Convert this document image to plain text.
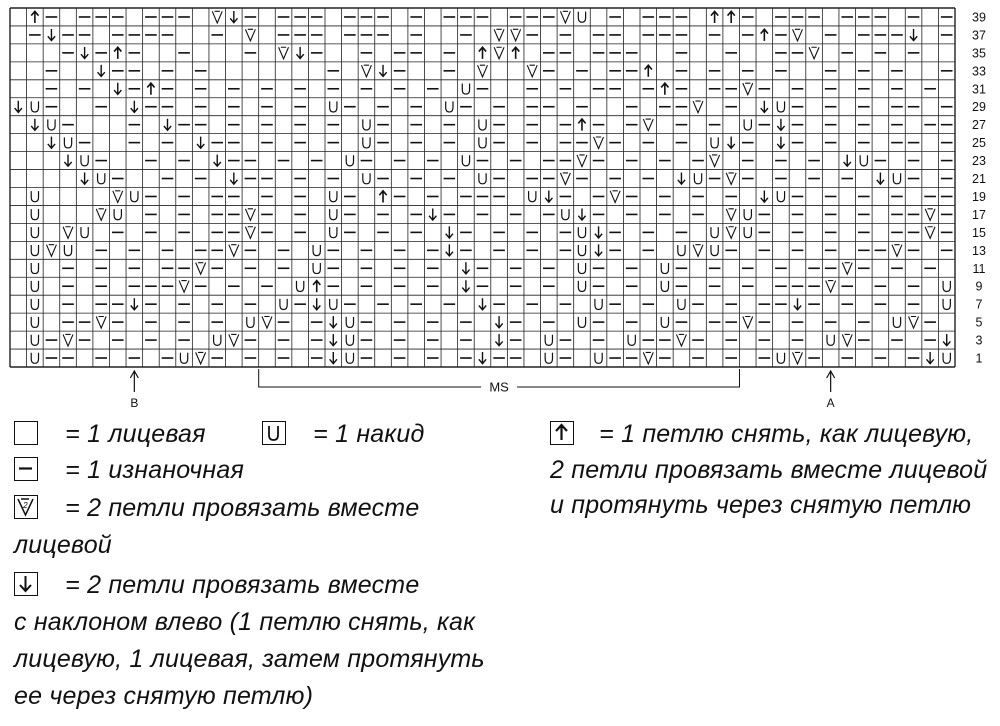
39
37
35
33
31
29
27
25
23
21
19
17
15
13
11
9
7
5
3
1
B	A
MS
= 1 лицевая	= 1 накид
= 1 изнаночная
2 = 2 петли провязать вместе
лицевой
= 2 петли провязать вместе
с наклоном влево (1 петлю снять, как
лицевую, 1 лицевая, затем протянуть
ее через снятую петлю)
= 1 петлю снять, как лицевую,
2 петли провязать вместе лицевой
и протянуть через снятую петлю
